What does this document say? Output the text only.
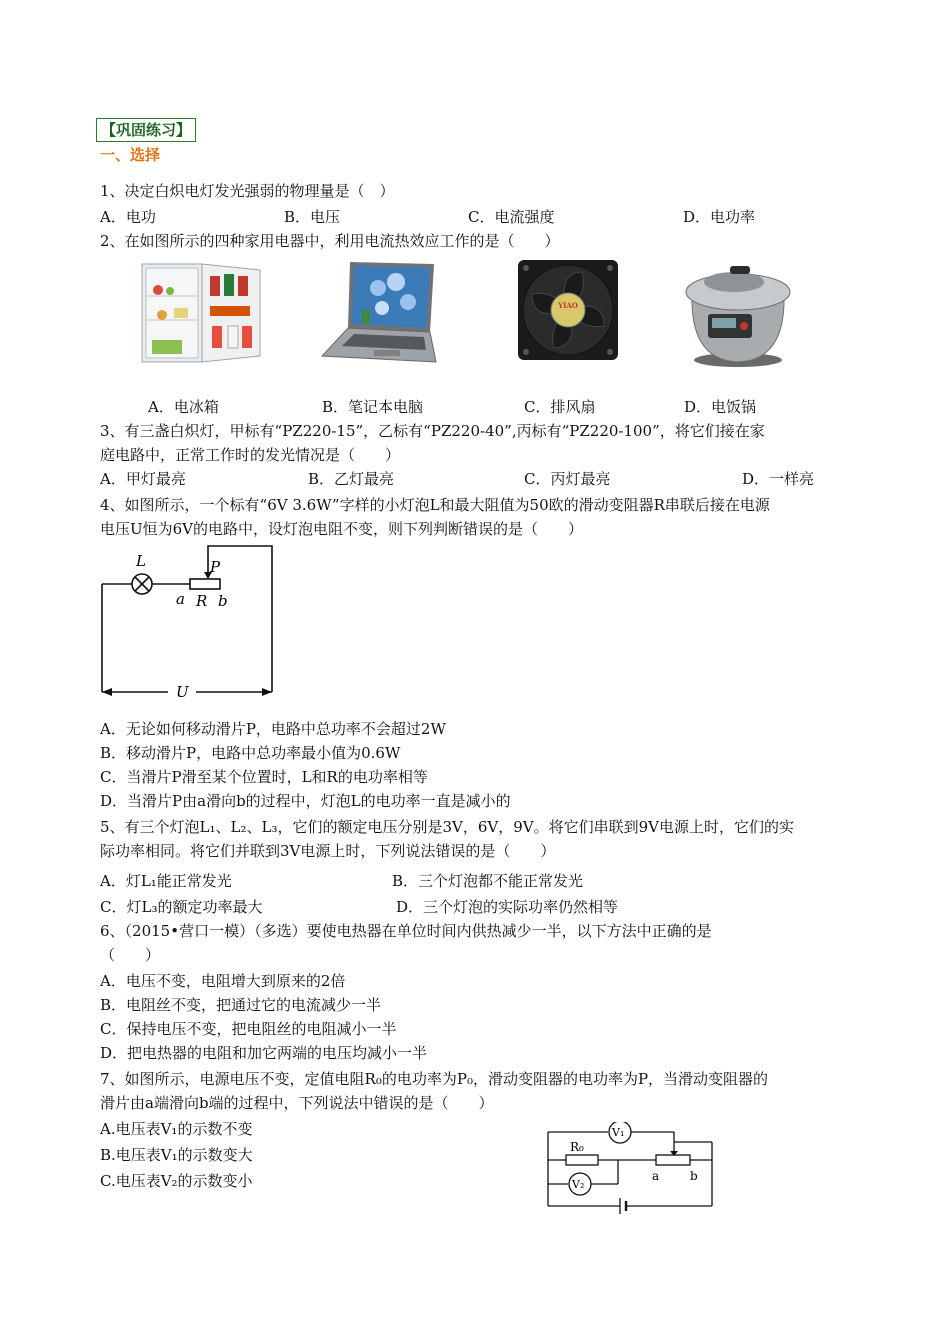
【巩固练习】
一、选择
1、决定白炽电灯发光强弱的物理量是（　）
A．电功	B．电压	C．电流强度	D．电功率
2、在如图所示的四种家用电器中，利用电流热效应工作的是（　　）
YIAO
A．电冰箱	B．笔记本电脑	C．排风扇	D．电饭锅
3、有三盏白炽灯，甲标有“PZ220-15”，乙标有“PZ220-40”,丙标有“PZ220-100”，将它们接在家
庭电路中，正常工作时的发光情况是（　　）
A．甲灯最亮	B．乙灯最亮	C．丙灯最亮	D．一样亮
4、如图所示，一个标有“6V 3.6W”字样的小灯泡L和最大阻值为50欧的滑动变阻器R串联后接在电源
电压U恒为6V的电路中，设灯泡电阻不变，则下列判断错误的是（　　）
L	P
a R b
U
A．无论如何移动滑片P，电路中总功率不会超过2W
B．移动滑片P，电路中总功率最小值为0.6W
C．当滑片P滑至某个位置时，L和R的电功率相等
D．当滑片P由a滑向b的过程中，灯泡L的电功率一直是减小的
5、有三个灯泡L₁、L₂、L₃，它们的额定电压分别是3V，6V，9V。将它们串联到9V电源上时，它们的实
际功率相同。将它们并联到3V电源上时，下列说法错误的是（　　）
A．灯L₁能正常发光	B．三个灯泡都不能正常发光
C．灯L₃的额定功率最大	D．三个灯泡的实际功率仍然相等
6、（2015•营口一模）（多选）要使电热器在单位时间内供热减少一半，以下方法中正确的是
（　　）
A．电压不变，电阻增大到原来的2倍
B．电阻丝不变，把通过它的电流减少一半
C．保持电压不变，把电阻丝的电阻减小一半
D．把电热器的电阻和加它两端的电压均减小一半
7、如图所示，电源电压不变，定值电阻R₀的电功率为P₀，滑动变阻器的电功率为P，当滑动变阻器的
滑片由a端滑向b端的过程中，下列说法中错误的是（　　）
A.电压表V₁的示数不变
B.电压表V₁的示数变大
C.电压表V₂的示数变小
R₀
V₁
V₂
a	b
